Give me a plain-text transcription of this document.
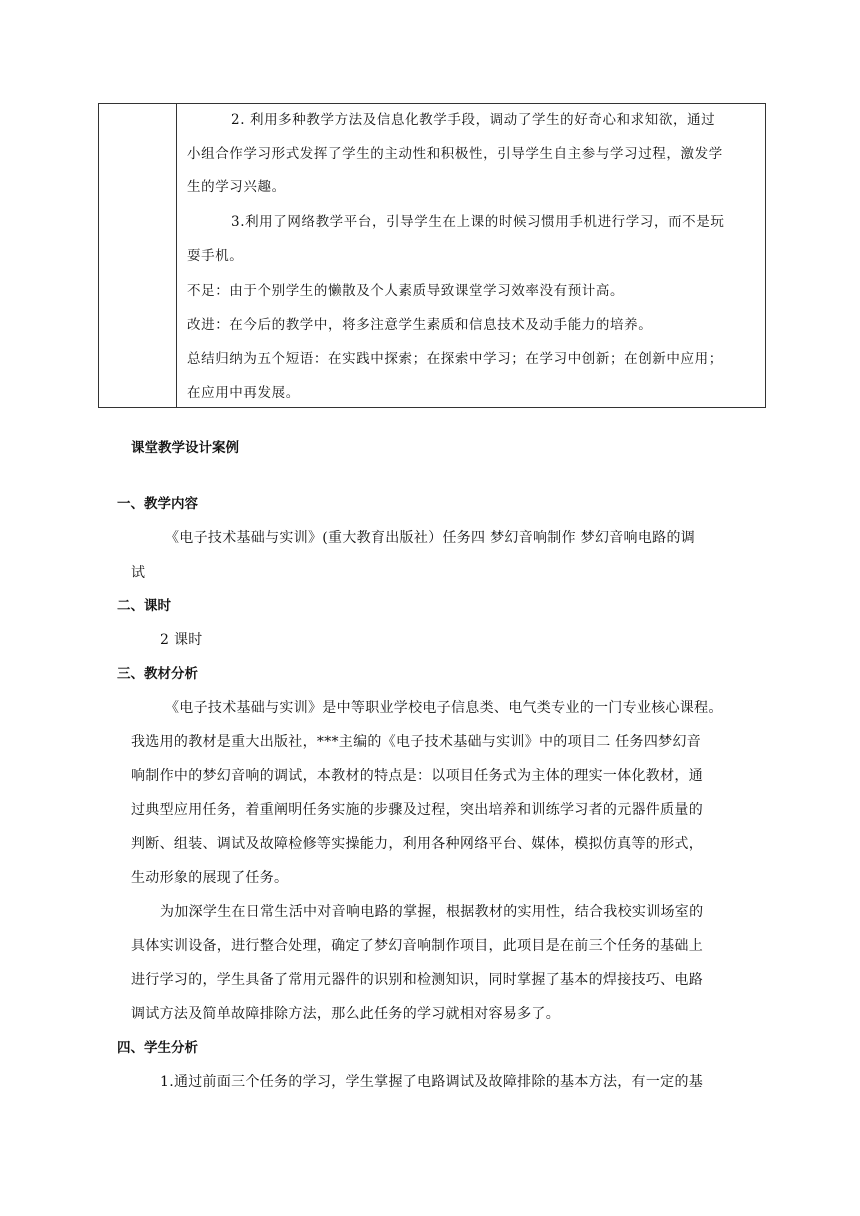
2. 利用多种教学方法及信息化教学手段，调动了学生的好奇心和求知欲，通过
小组合作学习形式发挥了学生的主动性和积极性，引导学生自主参与学习过程，激发学
生的学习兴趣。
3.利用了网络教学平台，引导学生在上课的时候习惯用手机进行学习，而不是玩
耍手机。
不足：由于个别学生的懒散及个人素质导致课堂学习效率没有预计高。
改进：在今后的教学中，将多注意学生素质和信息技术及动手能力的培养。
总结归纳为五个短语：在实践中探索；在探索中学习；在学习中创新；在创新中应用；
在应用中再发展。
课堂教学设计案例
一、教学内容
《电子技术基础与实训》(重大教育出版社）任务四 梦幻音响制作 梦幻音响电路的调
试
二、课时
2 课时
三、教材分析
《电子技术基础与实训》是中等职业学校电子信息类、电气类专业的一门专业核心课程。
我选用的教材是重大出版社，***主编的《电子技术基础与实训》中的项目二 任务四梦幻音
响制作中的梦幻音响的调试，本教材的特点是：以项目任务式为主体的理实一体化教材，通
过典型应用任务，着重阐明任务实施的步骤及过程，突出培养和训练学习者的元器件质量的
判断、组装、调试及故障检修等实操能力，利用各种网络平台、媒体，模拟仿真等的形式，
生动形象的展现了任务。
为加深学生在日常生活中对音响电路的掌握，根据教材的实用性，结合我校实训场室的
具体实训设备，进行整合处理，确定了梦幻音响制作项目，此项目是在前三个任务的基础上
进行学习的，学生具备了常用元器件的识别和检测知识，同时掌握了基本的焊接技巧、电路
调试方法及简单故障排除方法，那么此任务的学习就相对容易多了。
四、学生分析
1.通过前面三个任务的学习，学生掌握了电路调试及故障排除的基本方法，有一定的基
